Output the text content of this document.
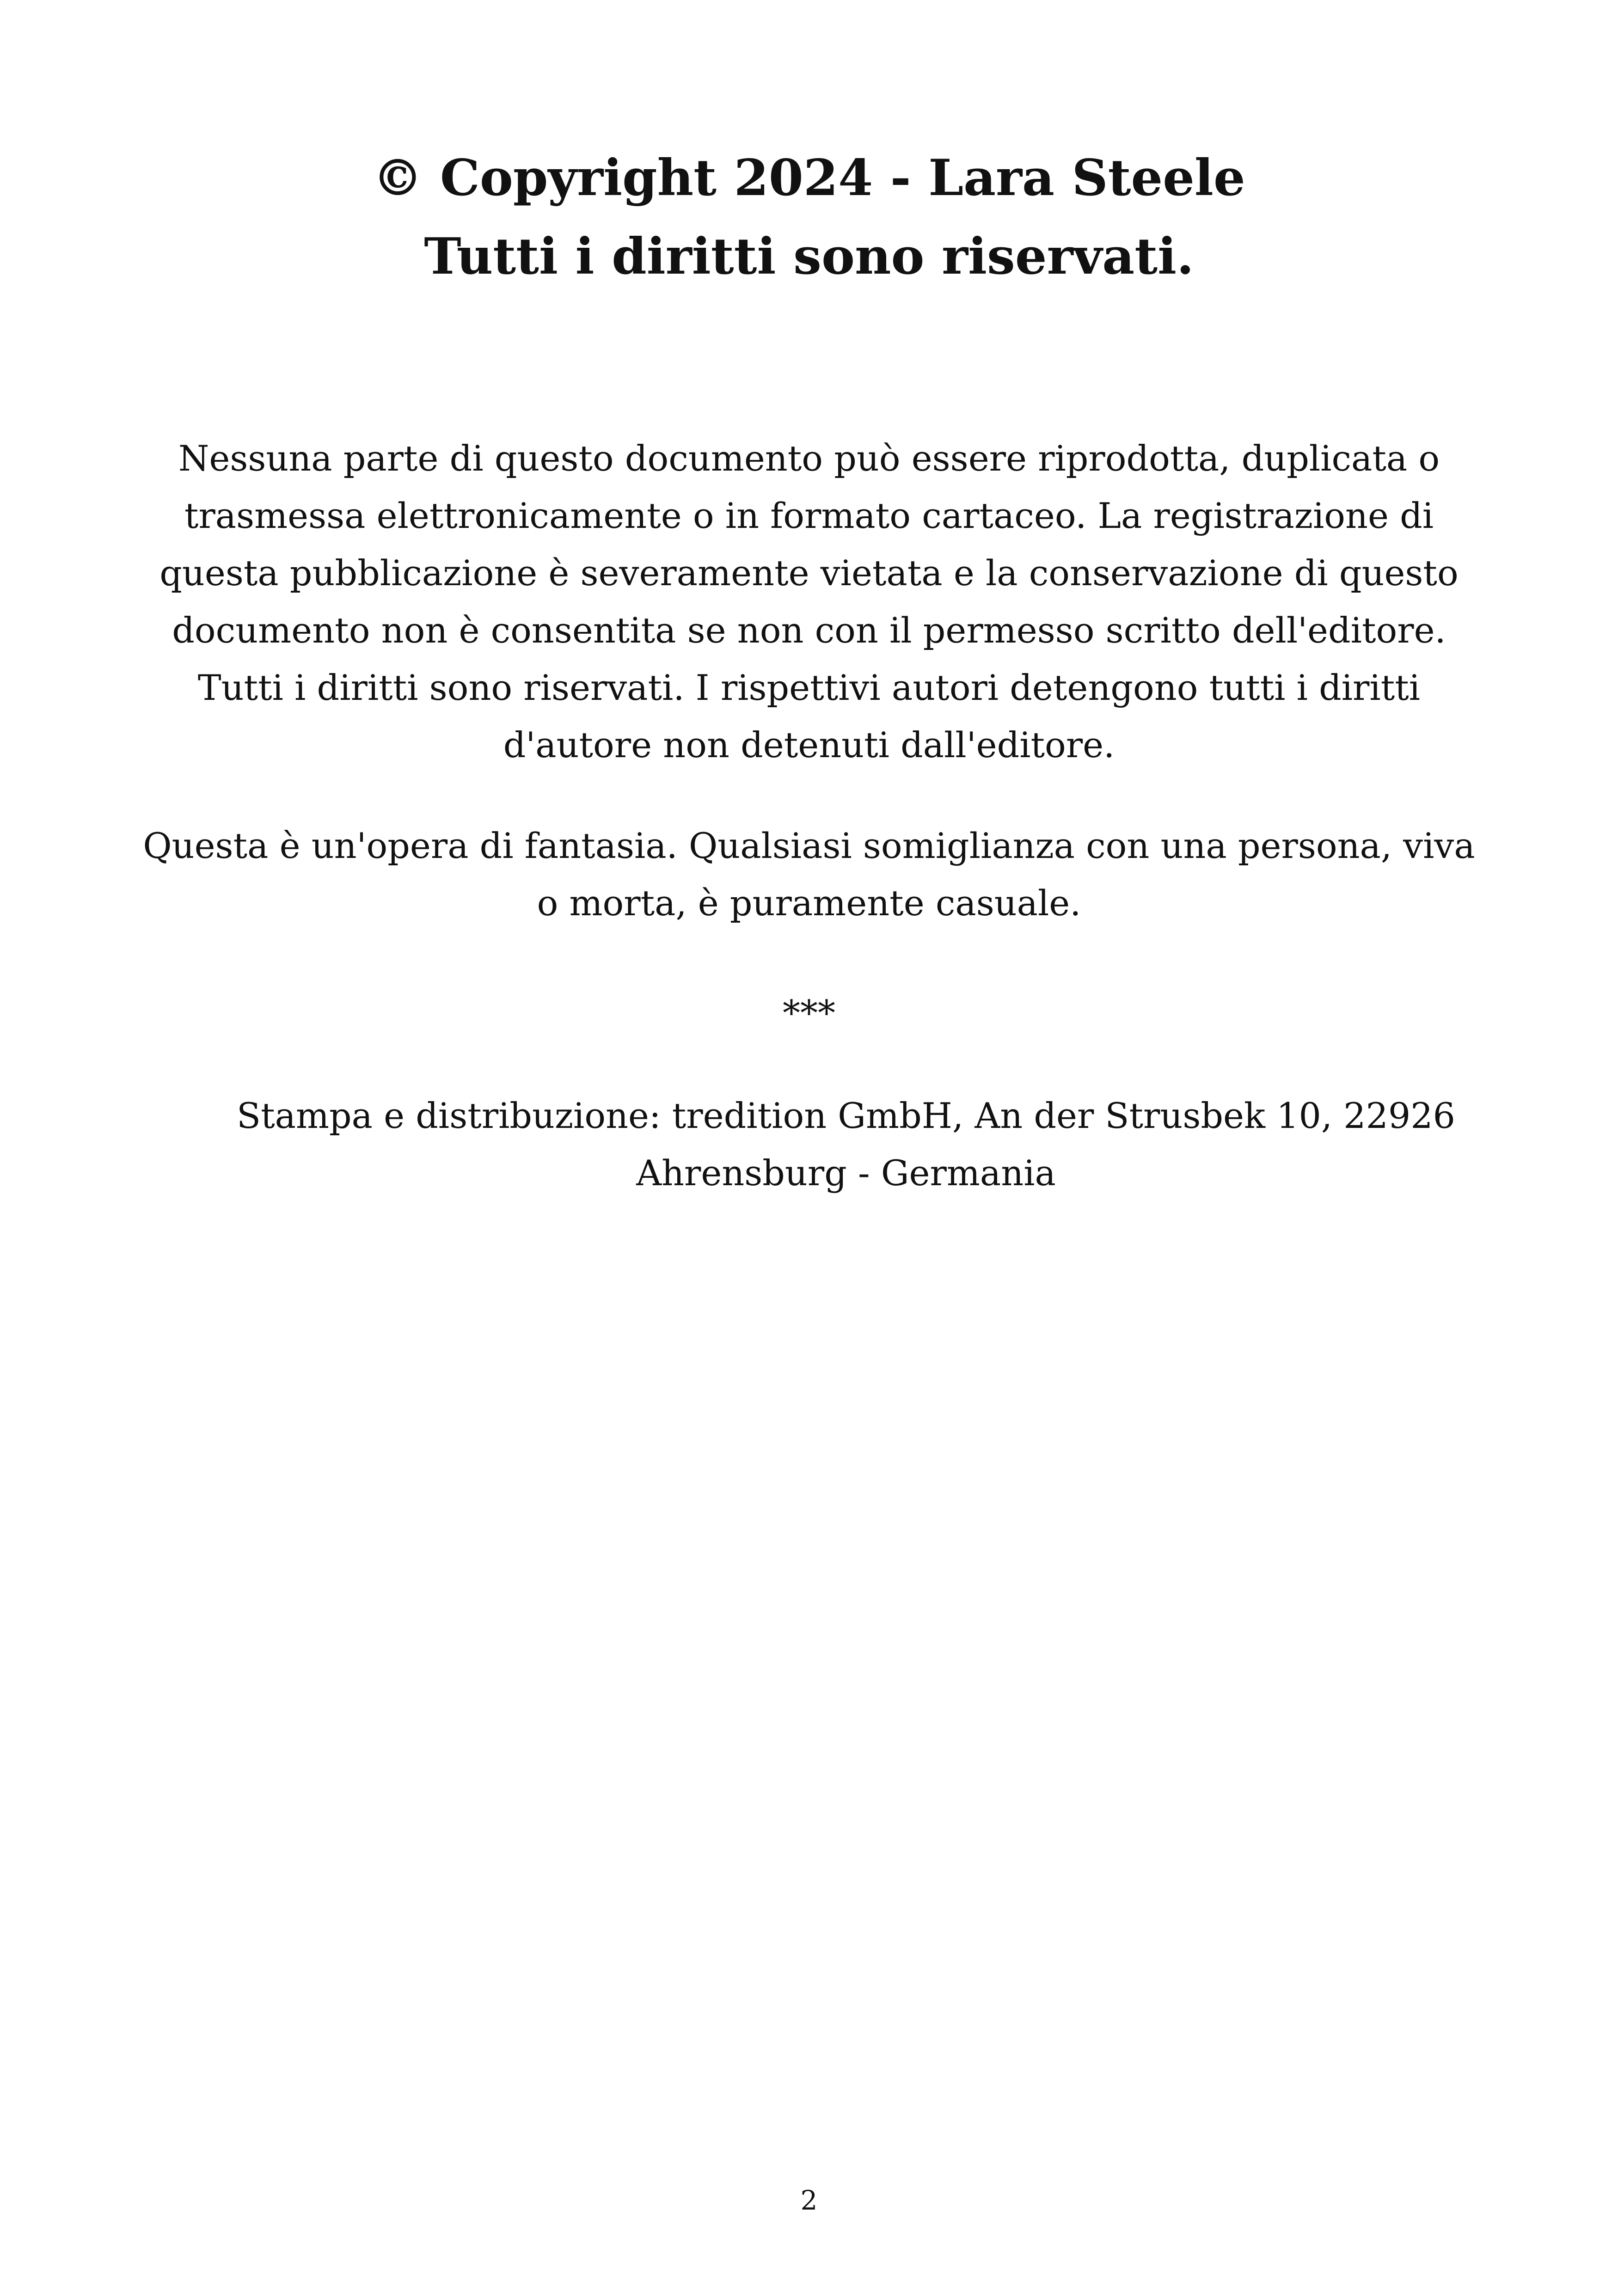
© Copyright 2024 - Lara Steele
Tutti i diritti sono riservati.

Nessuna parte di questo documento può essere riprodotta, duplicata o trasmessa elettronicamente o in formato cartaceo. La registrazione di questa pubblicazione è severamente vietata e la conservazione di questo documento non è consentita se non con il permesso scritto dell'editore. Tutti i diritti sono riservati. I rispettivi autori detengono tutti i diritti d'autore non detenuti dall'editore.

Questa è un'opera di fantasia. Qualsiasi somiglianza con una persona, viva o morta, è puramente casuale.

***

Stampa e distribuzione: tredition GmbH, An der Strusbek 10, 22926 Ahrensburg - Germania

2
